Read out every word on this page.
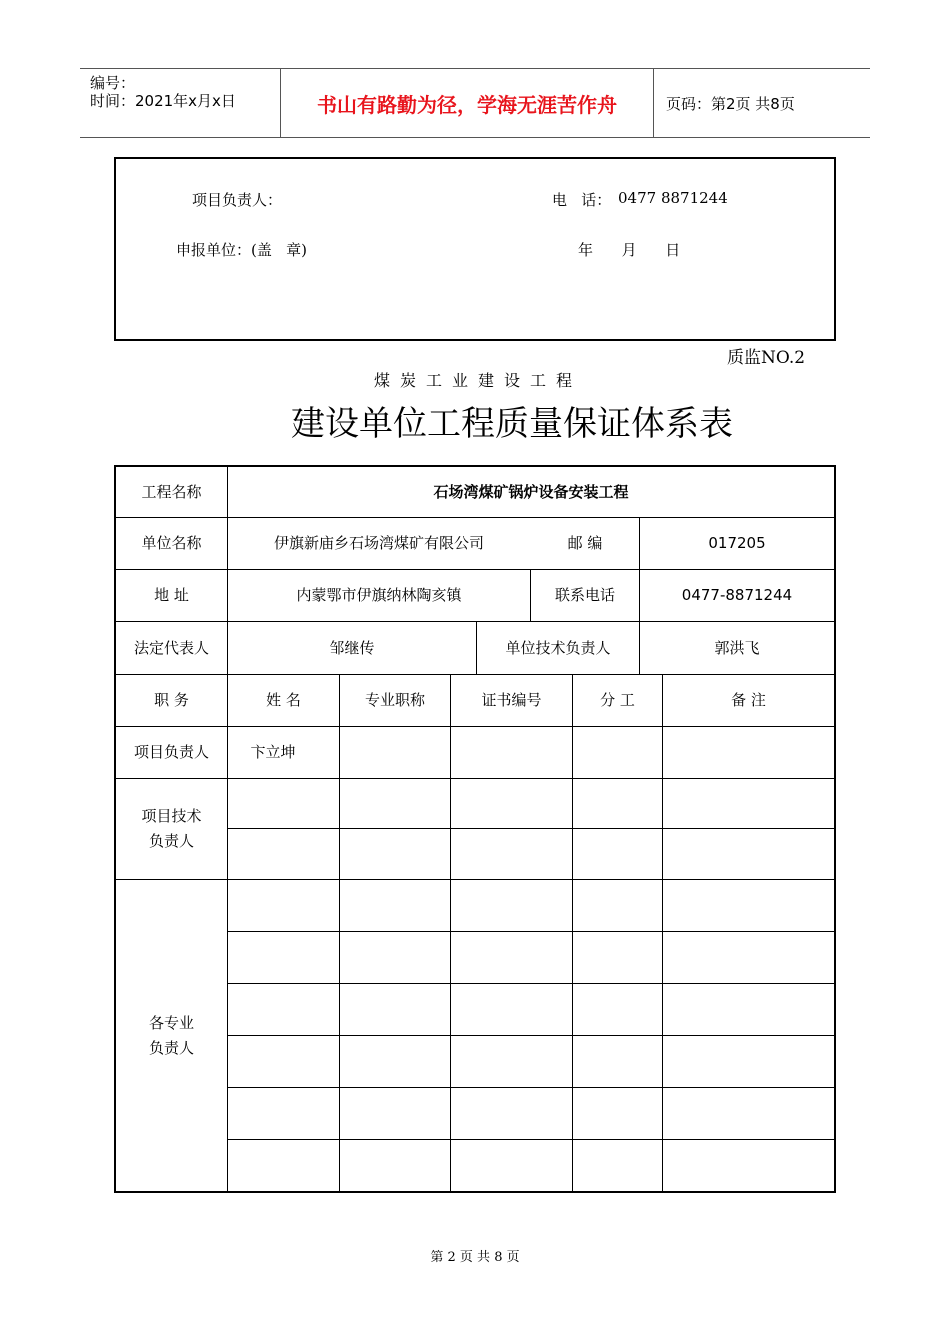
编号：
时间：2021年x月x日	书山有路勤为径，学海无涯苦作舟	页码：第2页 共8页
项目负责人：	电   话： 0477 8871244
申报单位：(盖   章)	年      月      日
质监NO.2
煤炭工业建设工程
建设单位工程质量保证体系表
工程名称	石场湾煤矿锅炉设备安装工程
单位名称	伊旗新庙乡石场湾煤矿有限公司	邮 编	017205
地 址	内蒙鄂市伊旗纳林陶亥镇	联系电话	0477-8871244
法定代表人	邹继传	单位技术负责人	郭洪飞
职 务	姓 名	专业职称	证书编号	分 工	备 注
项目负责人	卞立坤
项目技术
负责人
各专业
负责人
第 2 页 共 8 页
